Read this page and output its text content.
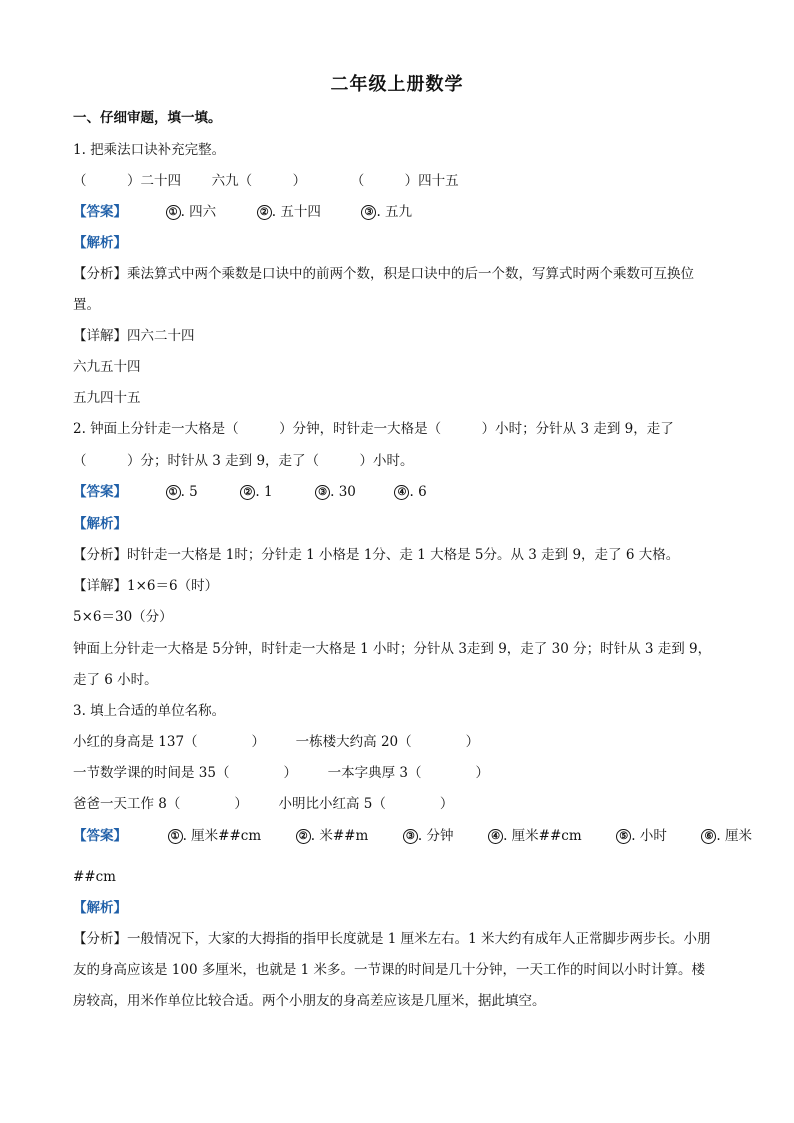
二年级上册数学
一、仔细审题，填一填。
1. 把乘法口诀补充完整。
（　　　）二十四 六九（　　　）	（　　　）四十五
【答案】	① . 四六	② . 五十四	③ . 五九
【解析】
【分析】乘法算式中两个乘数是口诀中的前两个数，积是口诀中的后一个数，写算式时两个乘数可互换位
置。
【详解】四六二十四
六九五十四
五九四十五
2. 钟面上分针走一大格是（　　　）分钟，时针走一大格是（　　　）小时；分针从 3 走到 9，走了
（　　　）分；时针从 3 走到 9，走了（　　　）小时。
【答案】	① . 5	② . 1	③ . 30	④ . 6
【解析】
【分析】时针走一大格是 1时；分针走 1 小格是 1分、走 1 大格是 5分。从 3 走到 9，走了 6 大格。
【详解】1×6＝6（时）
5×6＝30（分）
钟面上分针走一大格是 5分钟，时针走一大格是 1 小时；分针从 3走到 9，走了 30 分；时针从 3 走到 9，
走了 6 小时。
3. 填上合适的单位名称。
小红的身高是 137（　　　　） 一栋楼大约高 20（　　　　）
一节数学课的时间是 35（　　　　） 一本字典厚 3（　　　　）
爸爸一天工作 8（　　　　） 小明比小红高 5（　　　　）
【答案】	① . 厘米##cm	② . 米##m	③ . 分钟	④ . 厘米##cm	⑤ . 小时	⑥ . 厘米
##cm
【解析】
【分析】一般情况下，大家的大拇指的指甲长度就是 1 厘米左右。1 米大约有成年人正常脚步两步长。小朋
友的身高应该是 100 多厘米，也就是 1 米多。一节课的时间是几十分钟，一天工作的时间以小时计算。楼
房较高，用米作单位比较合适。两个小朋友的身高差应该是几厘米，据此填空。
